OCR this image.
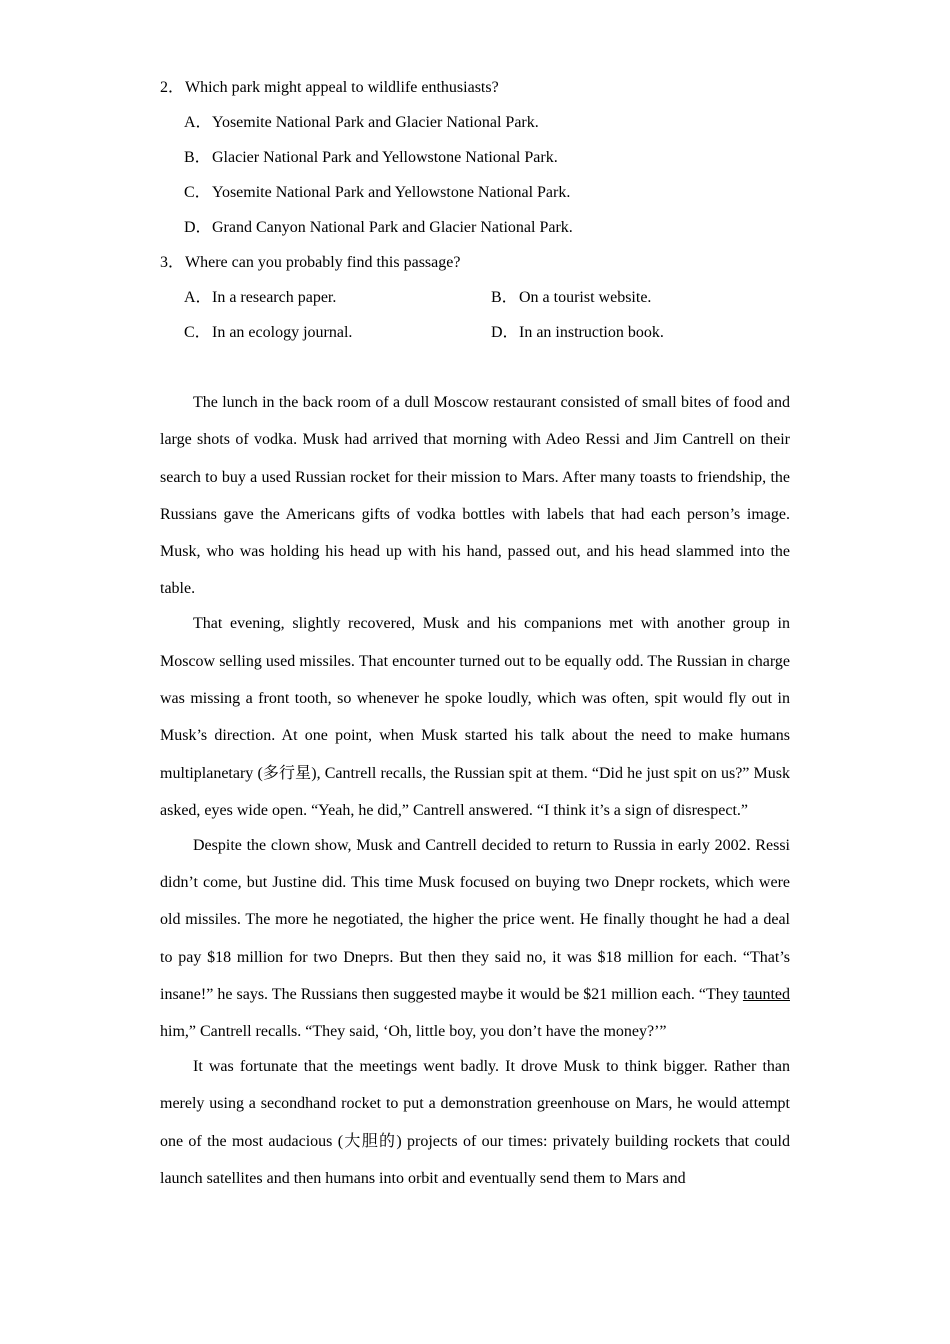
2．Which park might appeal to wildlife enthusiasts?
A．Yosemite National Park and Glacier National Park.
B．Glacier National Park and Yellowstone National Park.
C．Yosemite National Park and Yellowstone National Park.
D．Grand Canyon National Park and Glacier National Park.
3．Where can you probably find this passage?
A．In a research paper.	B．On a tourist website.
C．In an ecology journal.	D．In an instruction book.

The lunch in the back room of a dull Moscow restaurant consisted of small bites of food and large shots of vodka. Musk had arrived that morning with Adeo Ressi and Jim Cantrell on their search to buy a used Russian rocket for their mission to Mars. After many toasts to friendship, the Russians gave the Americans gifts of vodka bottles with labels that had each person’s image. Musk, who was holding his head up with his hand, passed out, and his head slammed into the table.

That evening, slightly recovered, Musk and his companions met with another group in Moscow selling used missiles. That encounter turned out to be equally odd. The Russian in charge was missing a front tooth, so whenever he spoke loudly, which was often, spit would fly out in Musk’s direction. At one point, when Musk started his talk about the need to make humans multiplanetary (多行星), Cantrell recalls, the Russian spit at them. “Did he just spit on us?” Musk asked, eyes wide open. “Yeah, he did,” Cantrell answered. “I think it’s a sign of disrespect.”

Despite the clown show, Musk and Cantrell decided to return to Russia in early 2002. Ressi didn’t come, but Justine did. This time Musk focused on buying two Dnepr rockets, which were old missiles. The more he negotiated, the higher the price went. He finally thought he had a deal to pay $18 million for two Dneprs. But then they said no, it was $18 million for each. “That’s insane!” he says. The Russians then suggested maybe it would be $21 million each. “They taunted him,” Cantrell recalls. “They said, ‘Oh, little boy, you don’t have the money?’”

It was fortunate that the meetings went badly. It drove Musk to think bigger. Rather than merely using a secondhand rocket to put a demonstration greenhouse on Mars, he would attempt one of the most audacious (大胆的) projects of our times: privately building rockets that could launch satellites and then humans into orbit and eventually send them to Mars and
